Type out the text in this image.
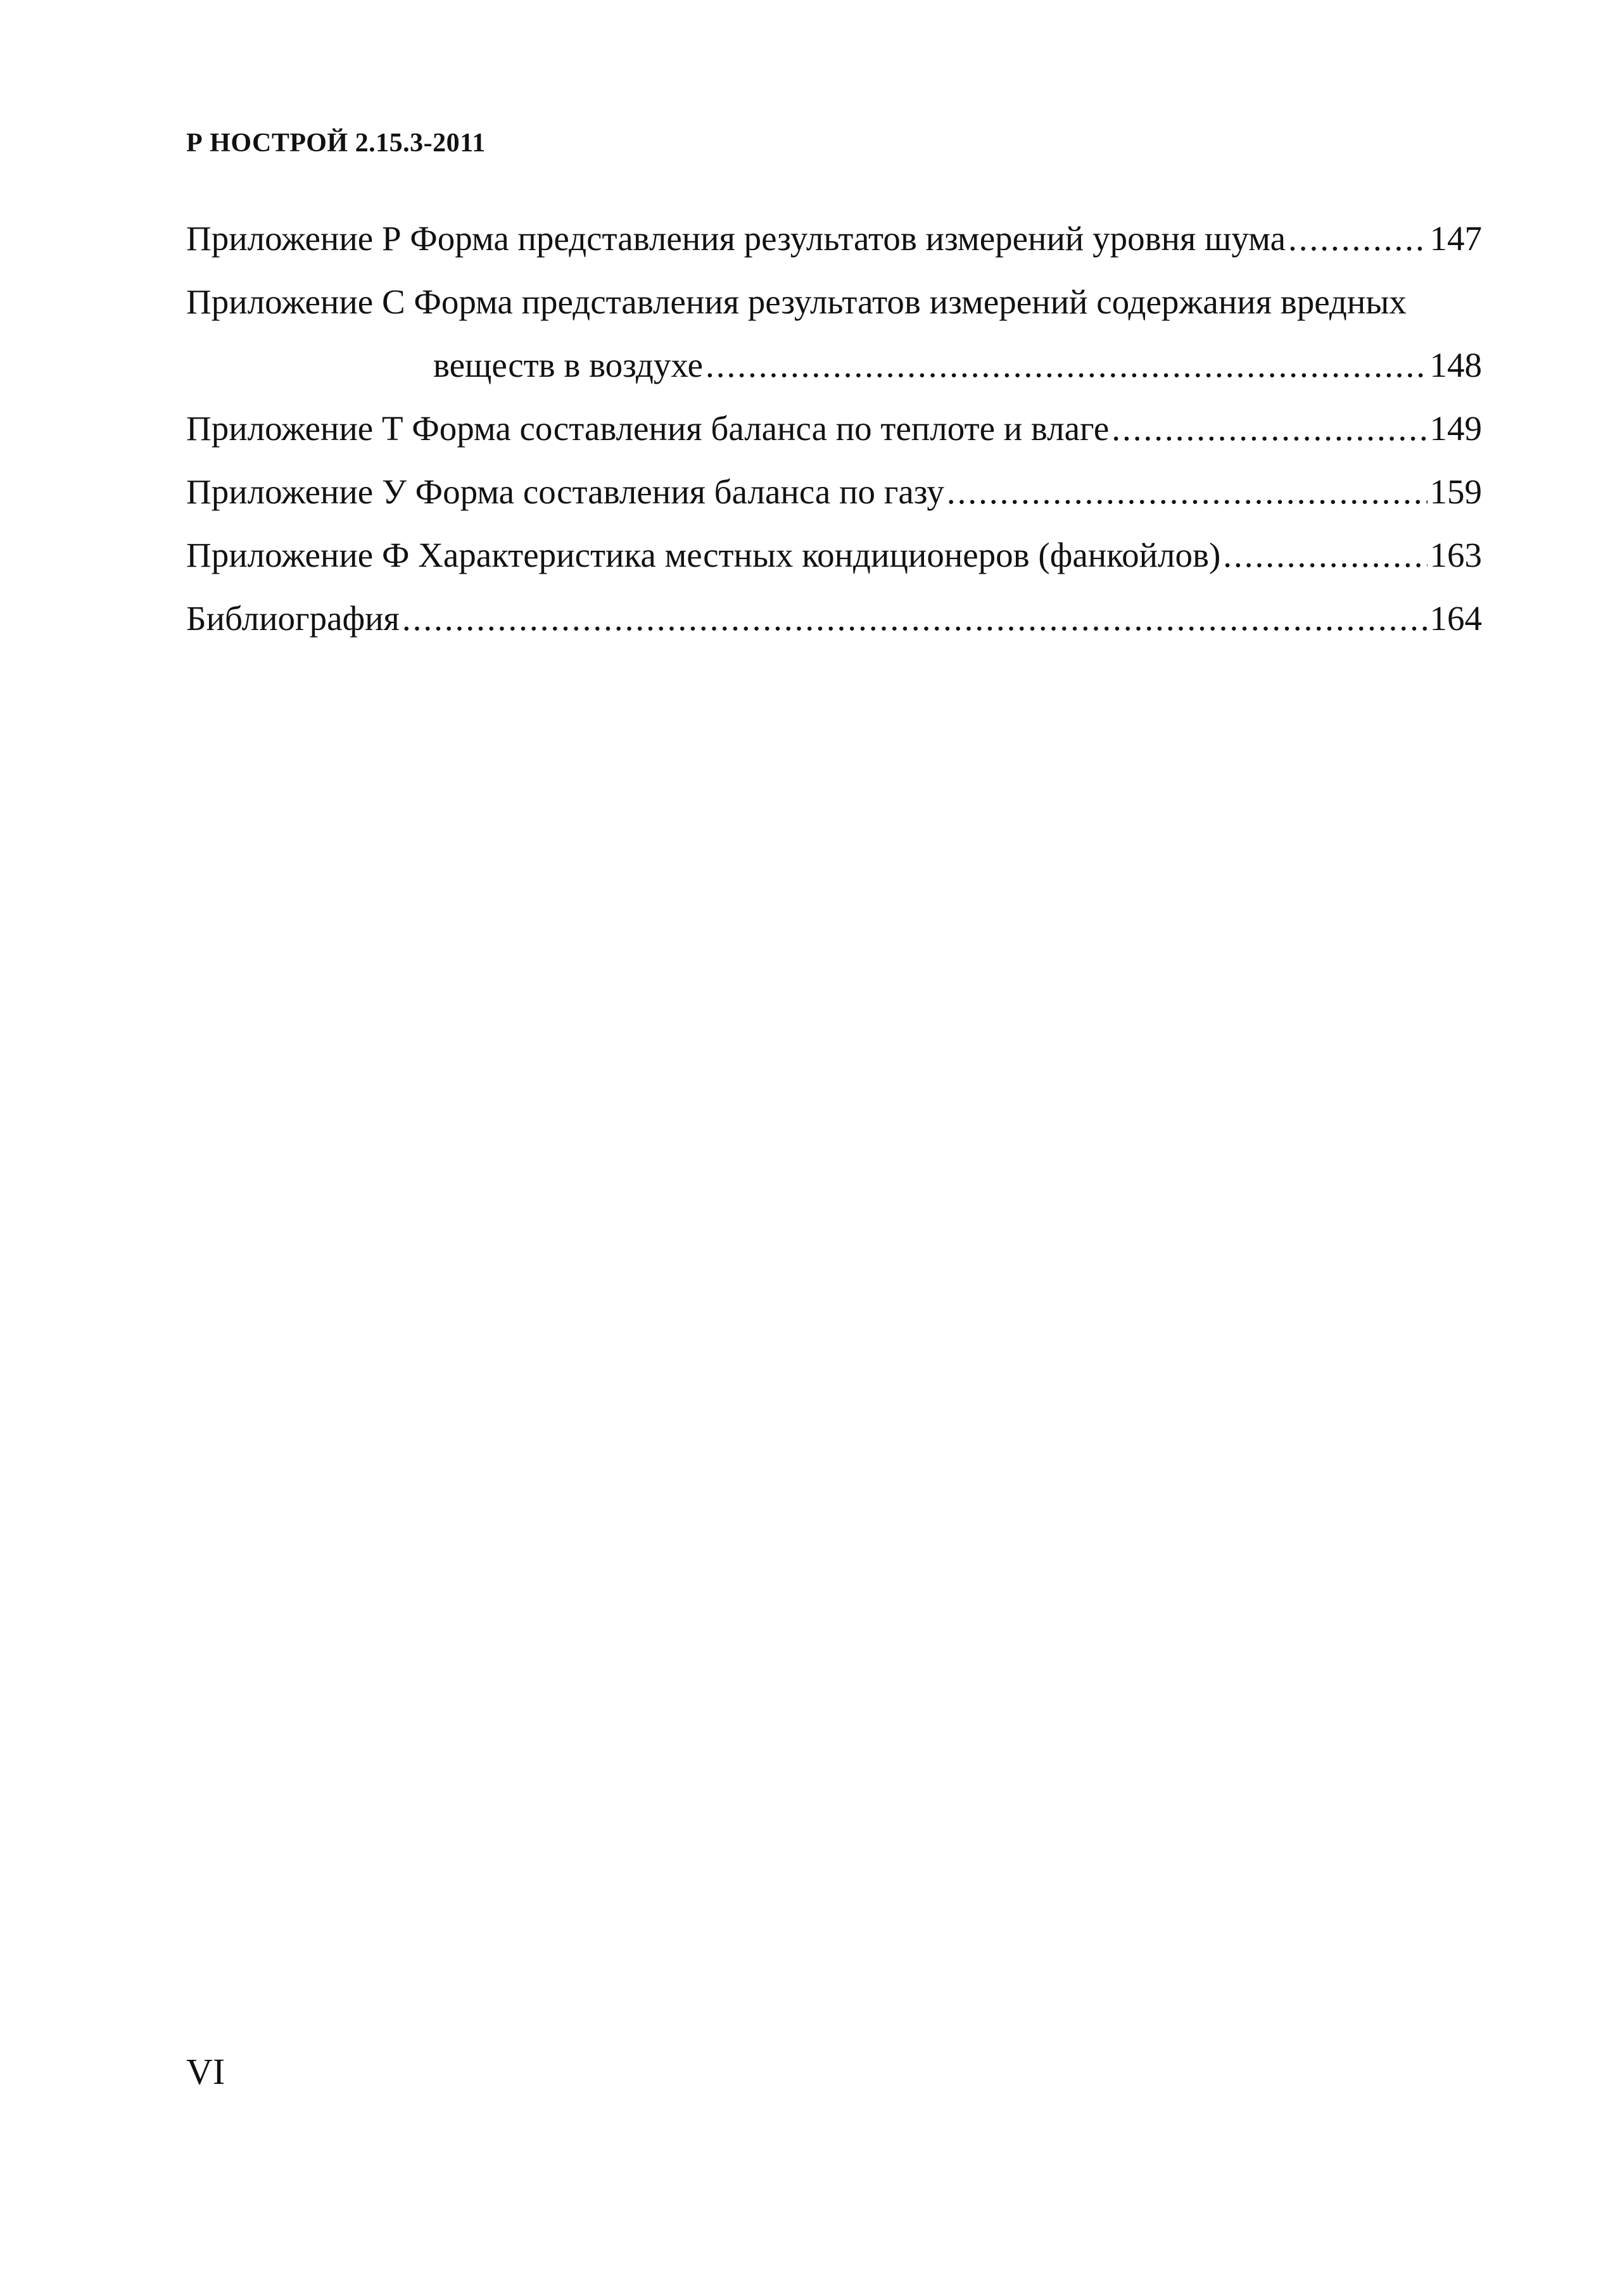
Р НОСТРОЙ 2.15.3-2011
Приложение Р Форма представления результатов измерений уровня шума .....	147
Приложение С Форма представления результатов измерений содержания вредных
веществ в воздухе .....	148
Приложение Т Форма составления баланса по теплоте и влаге .....	149
Приложение У Форма составления баланса по газу .....	159
Приложение Ф Характеристика местных кондиционеров (фанкойлов) .....	163
Библиография .....	164
VI
